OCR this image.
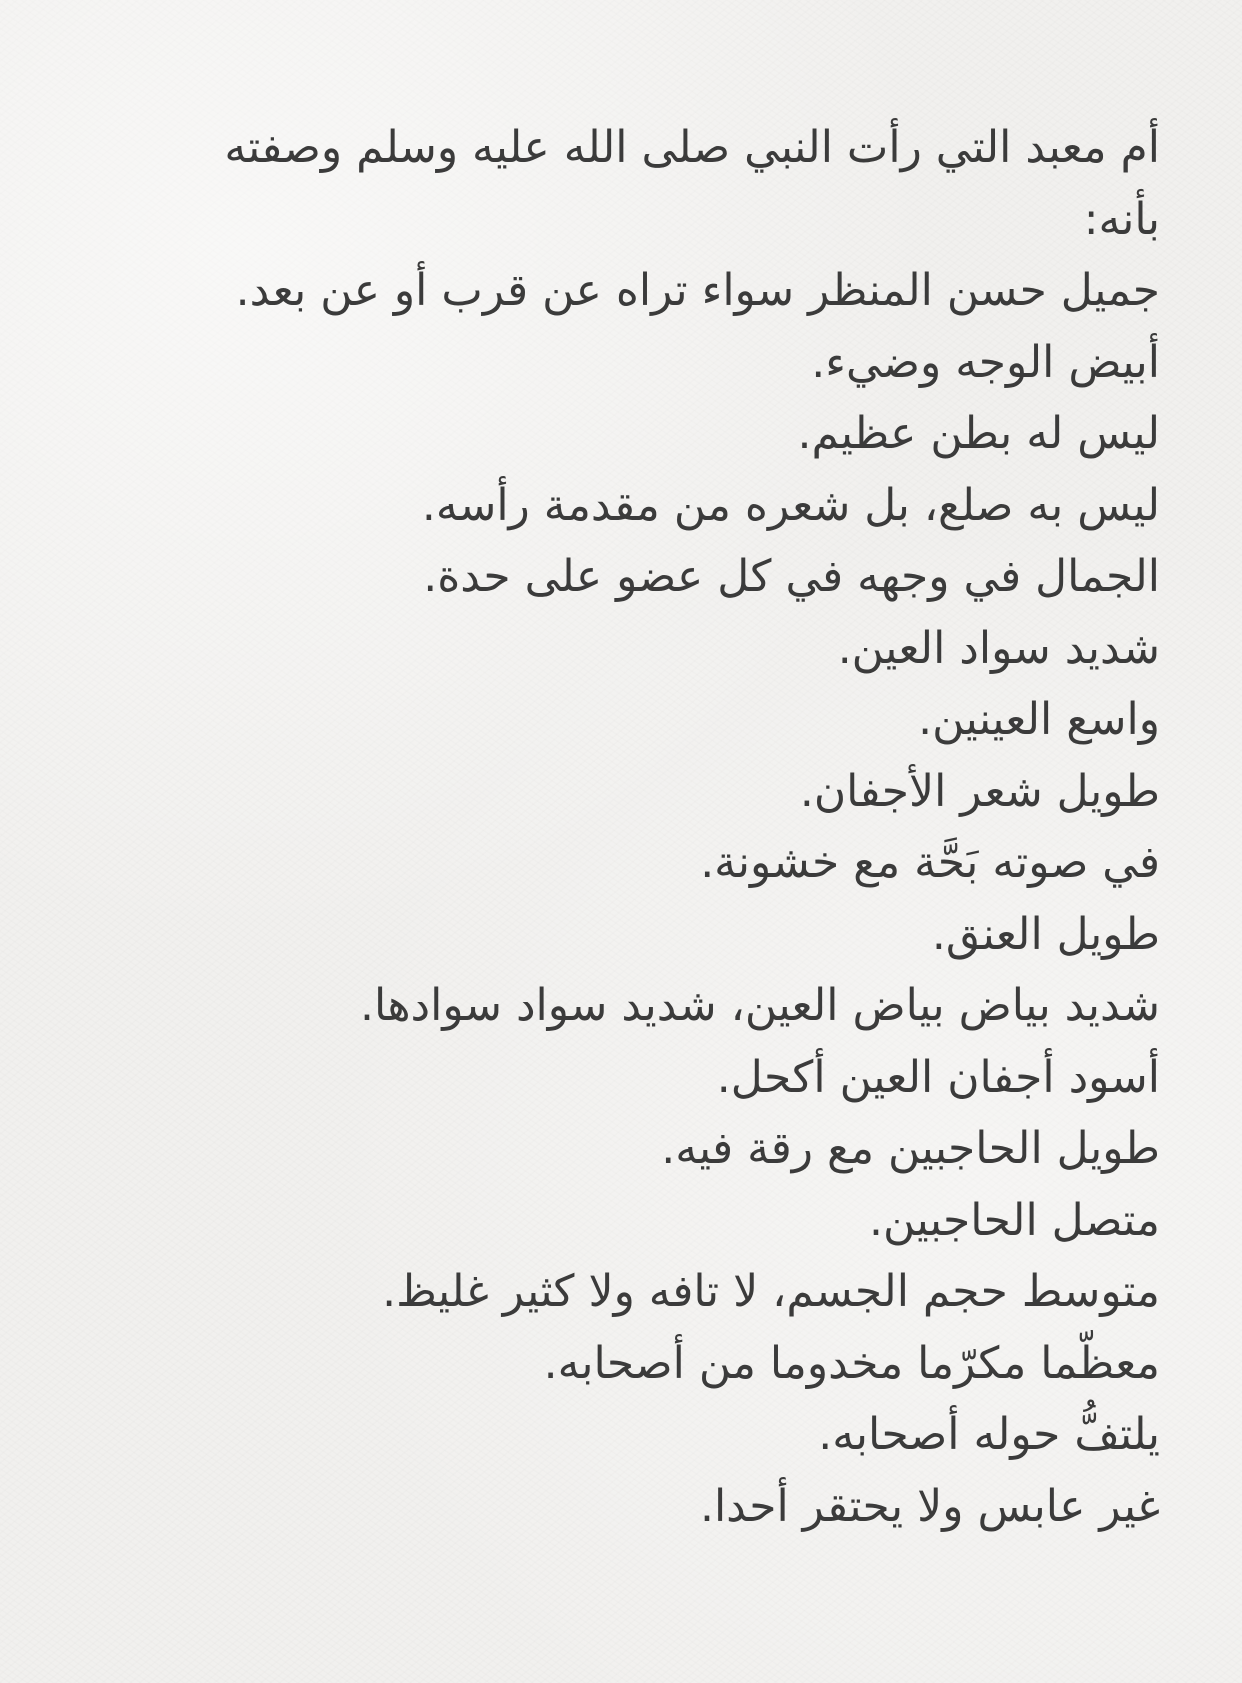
أم معبد التي رأت النبي صلى الله عليه وسلم وصفته بأنه:

جميل حسن المنظر سواء تراه عن قرب أو عن بعد.

أبيض الوجه وضيء.

ليس له بطن عظيم.

ليس به صلع، بل شعره من مقدمة رأسه.

الجمال في وجهه في كل عضو على حدة.

شديد سواد العين.

واسع العينين.

طويل شعر الأجفان.

في صوته بَحَّة مع خشونة.

طويل العنق.

شديد بياض بياض العين، شديد سواد سوادها.

أسود أجفان العين أكحل.

طويل الحاجبين مع رقة فيه.

متصل الحاجبين.

متوسط حجم الجسم، لا تافه ولا كثير غليظ.

معظّما مكرّما مخدوما من أصحابه.

يلتفُّ حوله أصحابه.

غير عابس ولا يحتقر أحدا.
